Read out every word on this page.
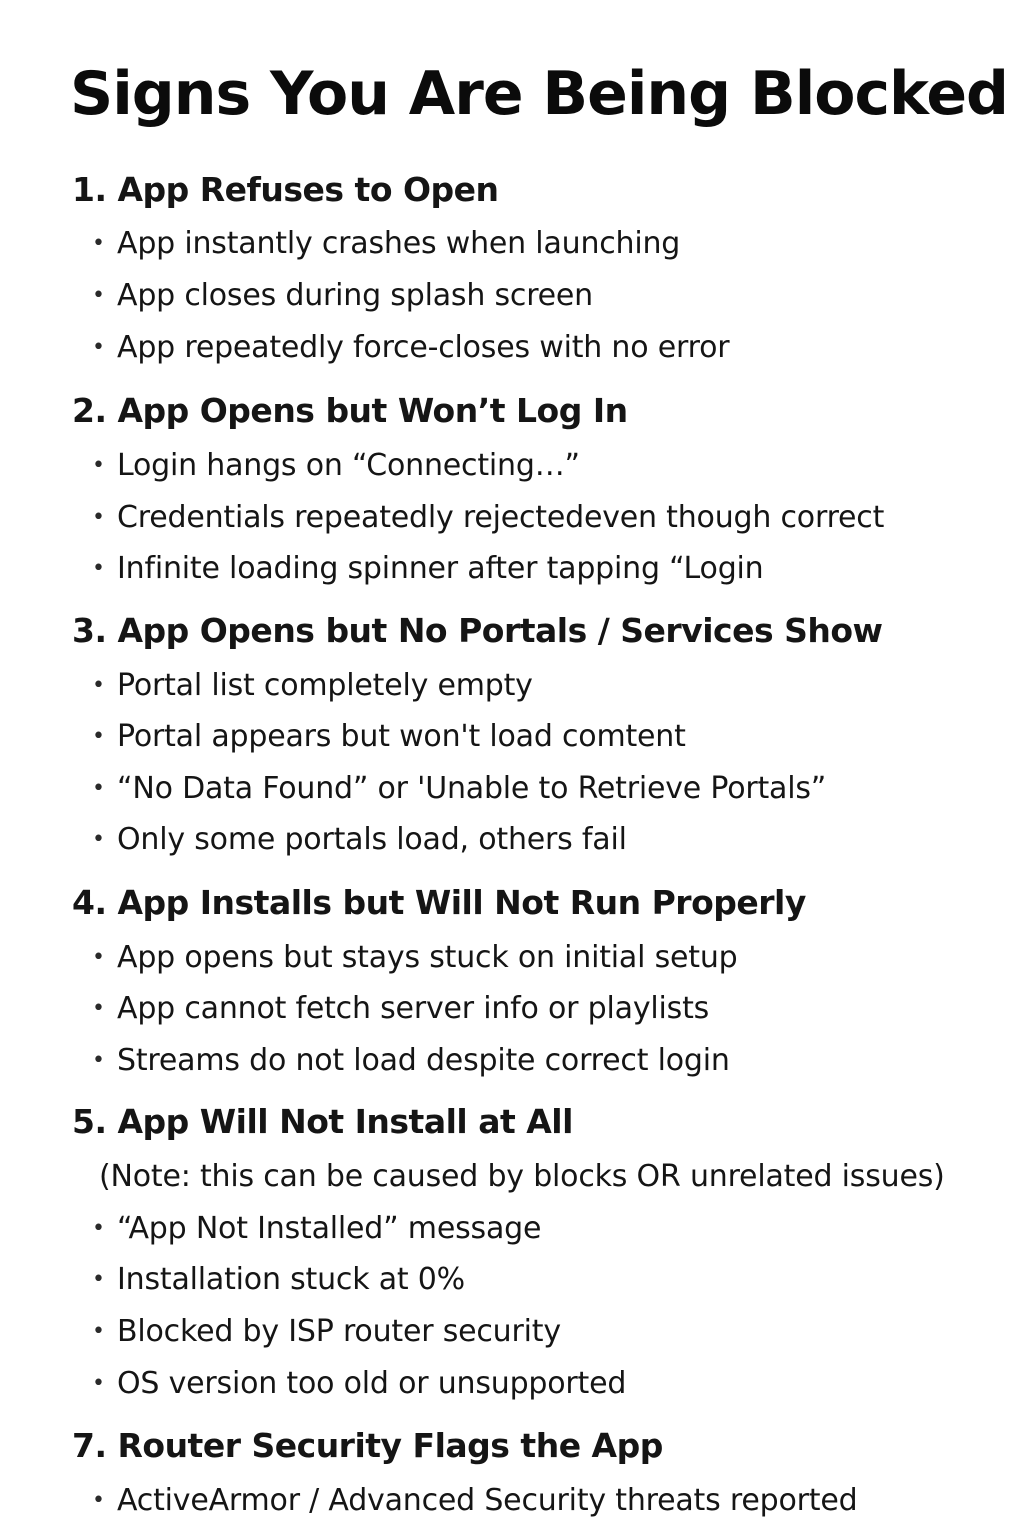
Signs You Are Being Blocked
1. App Refuses to Open
• App instantly crashes when launching
• App closes during splash screen
• App repeatedly force-closes with no error
2. App Opens but Won’t Log In
• Login hangs on “Connecting…”
• Credentials repeatedly rejectedeven though correct
• Infinite loading spinner after tapping “Login
3. App Opens but No Portals / Services Show
• Portal list completely empty
• Portal appears but won't load comtent
• “No Data Found” or 'Unable to Retrieve Portals”
• Only some portals load, others fail
4. App Installs but Will Not Run Properly
• App opens but stays stuck on initial setup
• App cannot fetch server info or playlists
• Streams do not load despite correct login
5. App Will Not Install at All
(Note: this can be caused by blocks OR unrelated issues)
• “App Not Installed” message
• Installation stuck at 0%
• Blocked by ISP router security
• OS version too old or unsupported
7. Router Security Flags the App
• ActiveArmor / Advanced Security threats reported
